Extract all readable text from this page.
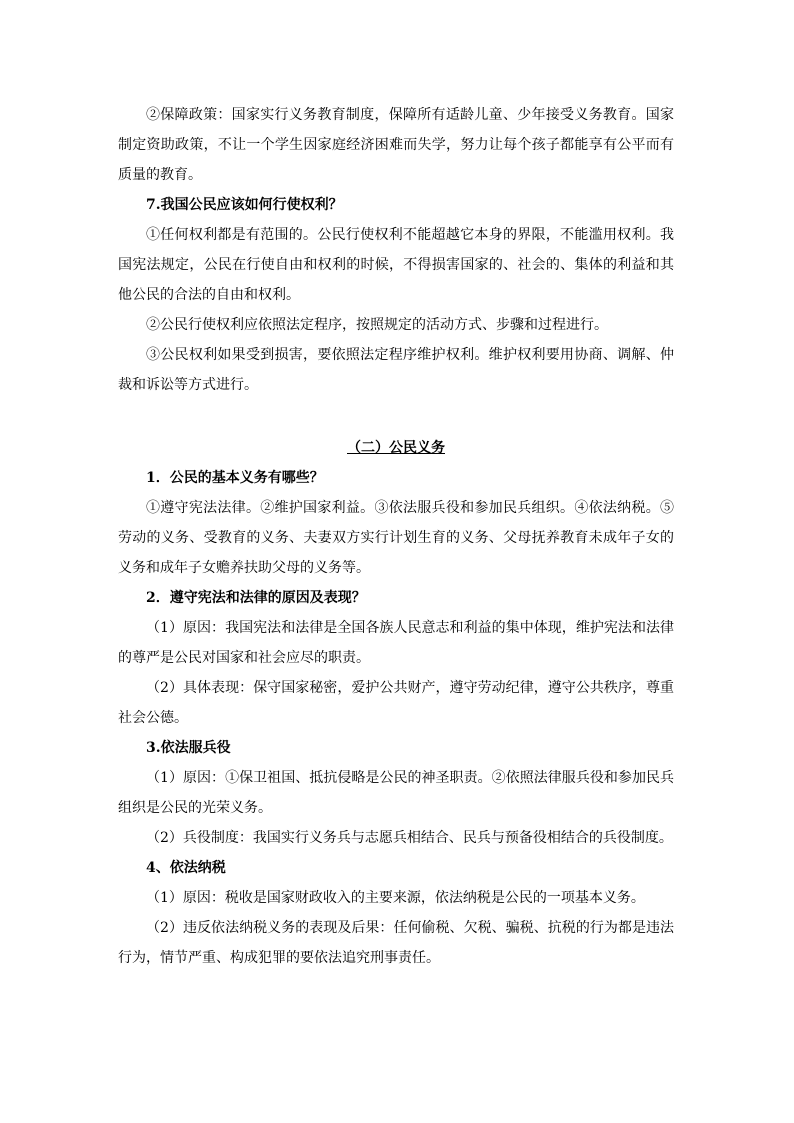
②保障政策：国家实行义务教育制度，保障所有适龄儿童、少年接受义务教育。国家制定资助政策，不让一个学生因家庭经济困难而失学，努力让每个孩子都能享有公平而有质量的教育。

7.我国公民应该如何行使权利？

①任何权利都是有范围的。公民行使权利不能超越它本身的界限，不能滥用权利。我国宪法规定，公民在行使自由和权利的时候，不得损害国家的、社会的、集体的利益和其他公民的合法的自由和权利。

②公民行使权利应依照法定程序，按照规定的活动方式、步骤和过程进行。

③公民权利如果受到损害，要依照法定程序维护权利。维护权利要用协商、调解、仲裁和诉讼等方式进行。

（二）公民义务

1．公民的基本义务有哪些？

①遵守宪法法律。②维护国家利益。③依法服兵役和参加民兵组织。④依法纳税。⑤劳动的义务、受教育的义务、夫妻双方实行计划生育的义务、父母抚养教育未成年子女的义务和成年子女赡养扶助父母的义务等。

2．遵守宪法和法律的原因及表现？

（1）原因：我国宪法和法律是全国各族人民意志和利益的集中体现，维护宪法和法律的尊严是公民对国家和社会应尽的职责。

（2）具体表现：保守国家秘密，爱护公共财产，遵守劳动纪律，遵守公共秩序，尊重社会公德。

3.依法服兵役

（1）原因：①保卫祖国、抵抗侵略是公民的神圣职责。②依照法律服兵役和参加民兵组织是公民的光荣义务。

（2）兵役制度：我国实行义务兵与志愿兵相结合、民兵与预备役相结合的兵役制度。

4、依法纳税

（1）原因：税收是国家财政收入的主要来源，依法纳税是公民的一项基本义务。

（2）违反依法纳税义务的表现及后果：任何偷税、欠税、骗税、抗税的行为都是违法行为，情节严重、构成犯罪的要依法追究刑事责任。
